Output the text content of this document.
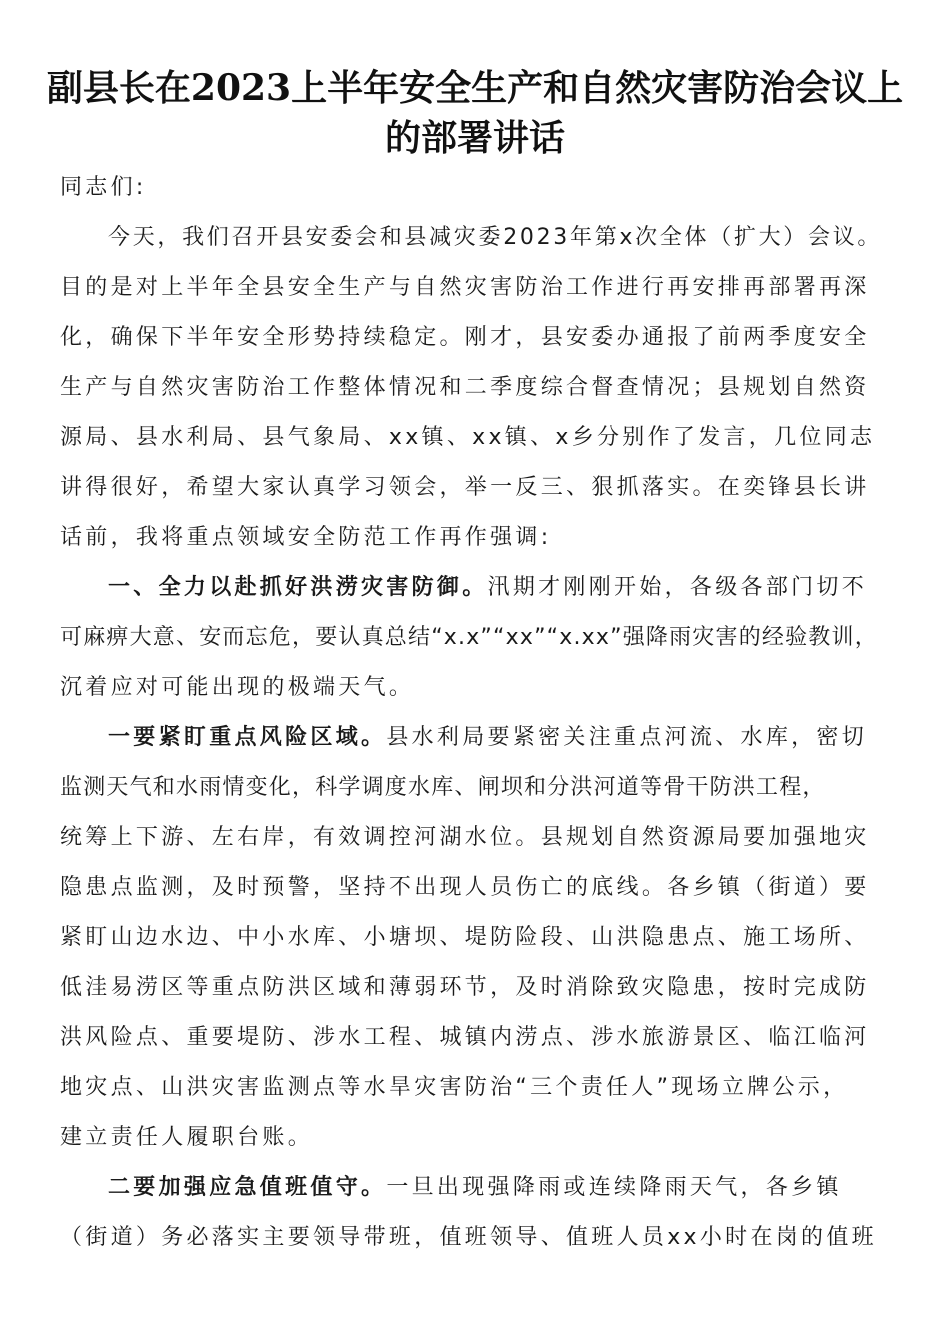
副县长在2023上半年安全生产和自然灾害防治会议上
的部署讲话
同志们:
今天，我们召开县安委会和县减灾委2023年第x次全体（扩大）会议。
目的是对上半年全县安全生产与自然灾害防治工作进行再安排再部署再深
化，确保下半年安全形势持续稳定。刚才，县安委办通报了前两季度安全
生产与自然灾害防治工作整体情况和二季度综合督查情况；县规划自然资
源局、县水利局、县气象局、xx镇、xx镇、x乡分别作了发言，几位同志
讲得很好，希望大家认真学习领会，举一反三、狠抓落实。在奕锋县长讲
话前，我将重点领域安全防范工作再作强调:
一、全力以赴抓好洪涝灾害防御。汛期才刚刚开始，各级各部门切不
可麻痹大意、安而忘危，要认真总结“x.x”“xx”“x.xx”强降雨灾害的经验教训，
沉着应对可能出现的极端天气。
一要紧盯重点风险区域。县水利局要紧密关注重点河流、水库，密切
监测天气和水雨情变化，科学调度水库、闸坝和分洪河道等骨干防洪工程，
统筹上下游、左右岸，有效调控河湖水位。县规划自然资源局要加强地灾
隐患点监测，及时预警，坚持不出现人员伤亡的底线。各乡镇（街道）要
紧盯山边水边、中小水库、小塘坝、堤防险段、山洪隐患点、施工场所、
低洼易涝区等重点防洪区域和薄弱环节，及时消除致灾隐患，按时完成防
洪风险点、重要堤防、涉水工程、城镇内涝点、涉水旅游景区、临江临河
地灾点、山洪灾害监测点等水旱灾害防治“三个责任人”现场立牌公示，
建立责任人履职台账。
二要加强应急值班值守。一旦出现强降雨或连续降雨天气，各乡镇
（街道）务必落实主要领导带班，值班领导、值班人员xx小时在岗的值班
